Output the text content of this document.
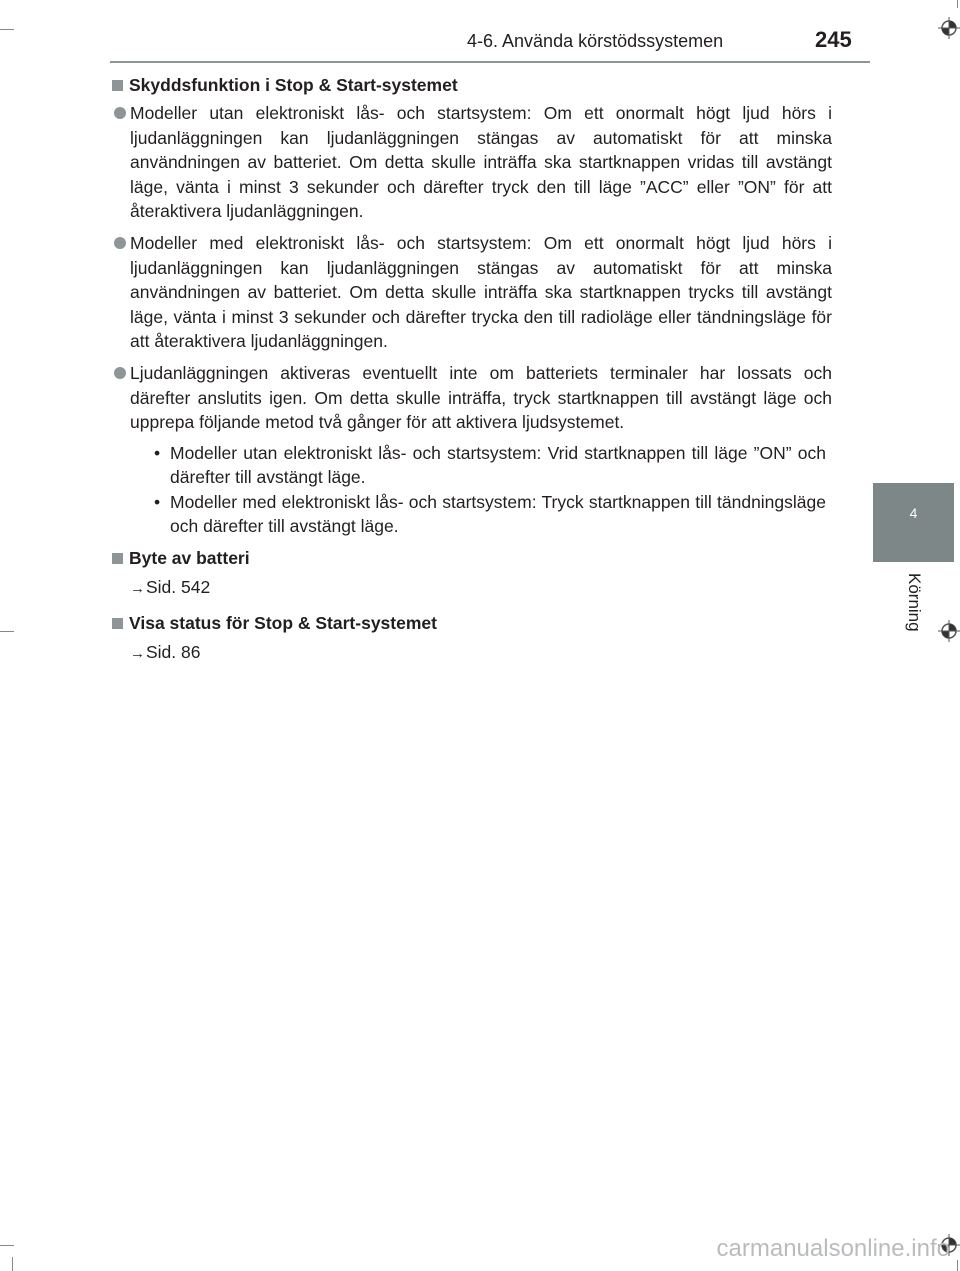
4-6. Använda körstödssystemen	245
4
Körning
Skyddsfunktion i Stop & Start-systemet
Modeller utan elektroniskt lås- och startsystem: Om ett onormalt högt ljud hörs i ljudanläggningen kan ljudanläggningen stängas av automatiskt för att minska användningen av batteriet. Om detta skulle inträffa ska startknappen vridas till avstängt läge, vänta i minst 3 sekunder och därefter tryck den till läge ”ACC” eller ”ON” för att återaktivera ljudanläggningen.
Modeller med elektroniskt lås- och startsystem: Om ett onormalt högt ljud hörs i ljudanläggningen kan ljudanläggningen stängas av automatiskt för att minska användningen av batteriet. Om detta skulle inträffa ska startknappen trycks till avstängt läge, vänta i minst 3 sekunder och därefter trycka den till radioläge eller tändningsläge för att återaktivera ljudanläggningen.
Ljudanläggningen aktiveras eventuellt inte om batteriets terminaler har lossats och därefter anslutits igen. Om detta skulle inträffa, tryck startknappen till avstängt läge och upprepa följande metod två gånger för att aktivera ljudsystemet.
• Modeller utan elektroniskt lås- och startsystem: Vrid startknappen till läge ”ON” och därefter till avstängt läge.
• Modeller med elektroniskt lås- och startsystem: Tryck startknappen till tändningsläge och därefter till avstängt läge.
Byte av batteri
→ Sid. 542
Visa status för Stop & Start-systemet
→ Sid. 86
carmanualsonline.info
